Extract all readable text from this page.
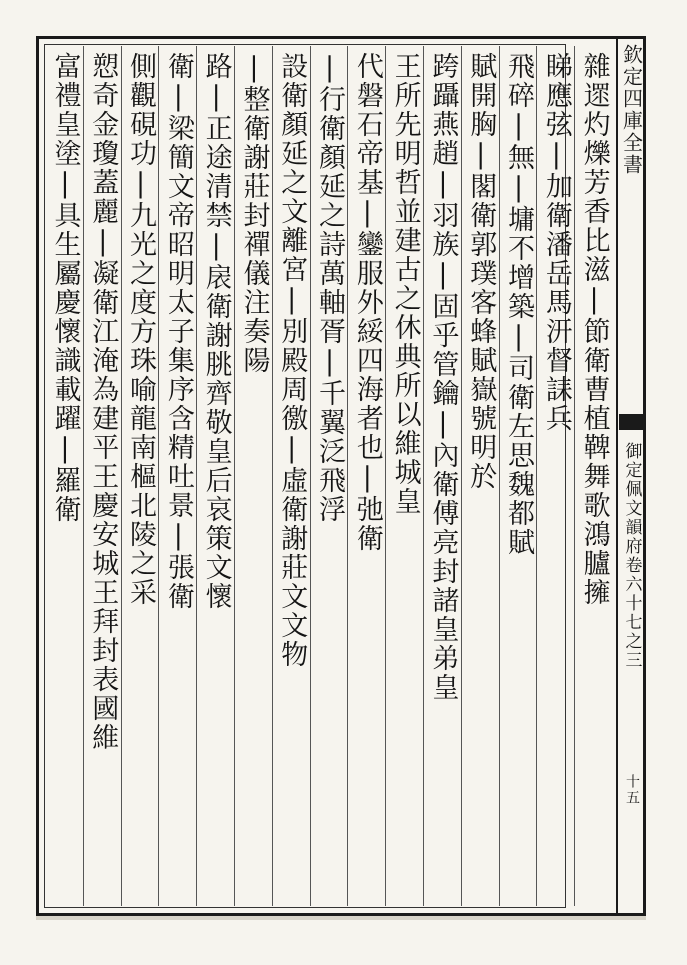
欽定四庫全書
御定佩文韻府卷六十七之三
十五

雜遝灼爍芳香比滋|節衛曹植鞞舞歌鴻臚擁

睇應弦|加衛潘岳馬汧督誄兵

飛碎|無|墉不增築|司衛左思魏都賦

賦開胸|閣衛郭璞客蜂賦嶽號明於

跨躡燕趙|羽族|固乎管鑰|內衛傅亮封諸皇弟皇

王所先明哲並建古之休典所以維城皇

代磐石帝基|鑾服外綏四海者也|弛衛

|行衛顏延之詩萬軸胥|千翼泛飛浮

設衛顏延之文離宮|別殿周徼|虛衛謝莊文文物

|整衛謝莊封禪儀注奏陽

路|正途清禁|扆衛謝朓齊敬皇后哀策文懷

衛|梁簡文帝昭明太子集序含精吐景|張衛

側觀硯功|九光之度方珠喻龍南樞北陵之采

愬奇金瓊蓋麗|凝衛江淹為建平王慶安城王拜封表國維

富禮皇塗|具生屬慶懷識載躍|羅衛
